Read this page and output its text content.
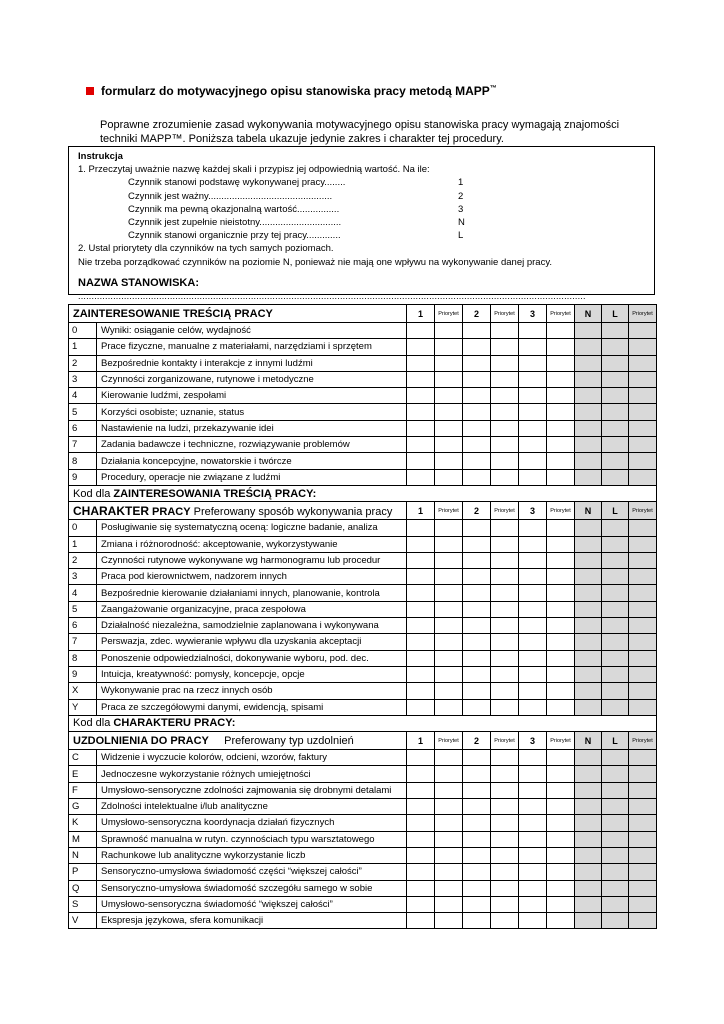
formularz do motywacyjnego opisu stanowiska pracy metodą MAPP™
Poprawne zrozumienie zasad wykonywania motywacyjnego opisu stanowiska pracy wymagają znajomości techniki MAPP™. Poniższa tabela ukazuje jedynie zakres i charakter tej procedury.
Instrukcja
1. Przeczytaj uważnie nazwę każdej skali i przypisz jej odpowiednią wartość. Na ile:
Czynnik stanowi podstawę wykonywanej pracy........	1
Czynnik jest ważny...............................................	2
Czynnik ma pewną okazjonalną wartość................	3
Czynnik jest zupełnie nieistotny...............................	N
Czynnik stanowi organicznie przy tej pracy.............	L
2. Ustal priorytety dla czynników na tych samych poziomach.
Nie trzeba porządkować czynników na poziomie N, ponieważ nie mają one wpływu na wykonywanie danej pracy.
NAZWA STANOWISKA: ............................................................................................................................................................................................
ZAINTERESOWANIE TREŚCIĄ PRACY		1	Priorytet	2	Priorytet	3	Priorytet	N	L	Priorytet
0	Wyniki: osiąganie celów, wydajność									
1	Prace fizyczne, manualne z materiałami, narzędziami i sprzętem									
2	Bezpośrednie kontakty i interakcje z innymi ludźmi									
3	Czynności zorganizowane, rutynowe i metodyczne									
4	Kierowanie ludźmi, zespołami									
5	Korzyści osobiste; uznanie, status									
6	Nastawienie na ludzi, przekazywanie idei									
7	Zadania badawcze i techniczne, rozwiązywanie problemów									
8	Działania koncepcyjne, nowatorskie i twórcze									
9	Procedury, operacje nie związane z ludźmi									
Kod dla ZAINTERESOWANIA TREŚCIĄ PRACY:										
CHARAKTER PRACY Preferowany sposób wykonywania pracy		1	Priorytet	2	Priorytet	3	Priorytet	N	L	Priorytet
0	Posługiwanie się systematyczną oceną: logiczne badanie, analiza									
1	Zmiana i różnorodność: akceptowanie, wykorzystywanie									
2	Czynności rutynowe wykonywane wg harmonogramu lub procedur									
3	Praca pod kierownictwem, nadzorem innych									
4	Bezpośrednie kierowanie działaniami innych, planowanie, kontrola									
5	Zaangażowanie organizacyjne, praca zespołowa									
6	Działalność niezależna, samodzielnie zaplanowana i wykonywana									
7	Perswazja, zdec. wywieranie wpływu dla uzyskania akceptacji									
8	Ponoszenie odpowiedzialności, dokonywanie wyboru, pod. dec.									
9	Intuicja, kreatywność: pomysły, koncepcje, opcje									
X	Wykonywanie prac na rzecz innych osób									
Y	Praca ze szczegółowymi danymi, ewidencją, spisami									
Kod dla CHARAKTERU PRACY:										
UZDOLNIENIA DO PRACY Preferowany typ uzdolnień		1	Priorytet	2	Priorytet	3	Priorytet	N	L	Priorytet
C	Widzenie i wyczucie kolorów, odcieni, wzorów, faktury									
E	Jednoczesne wykorzystanie różnych umiejętności									
F	Umysłowo-sensoryczne zdolności zajmowania się drobnymi detalami									
G	Zdolności intelektualne i/lub analityczne									
K	Umysłowo-sensoryczna koordynacja działań fizycznych									
M	Sprawność manualna w rutyn. czynnościach typu warsztatowego									
N	Rachunkowe lub analityczne wykorzystanie liczb									
P	Sensoryczno-umysłowa świadomość części “większej całości”									
Q	Sensoryczno-umysłowa świadomość szczegółu samego w sobie									
S	Umysłowo-sensoryczna świadomość “większej całości”									
V	Ekspresja językowa, sfera komunikacji									
